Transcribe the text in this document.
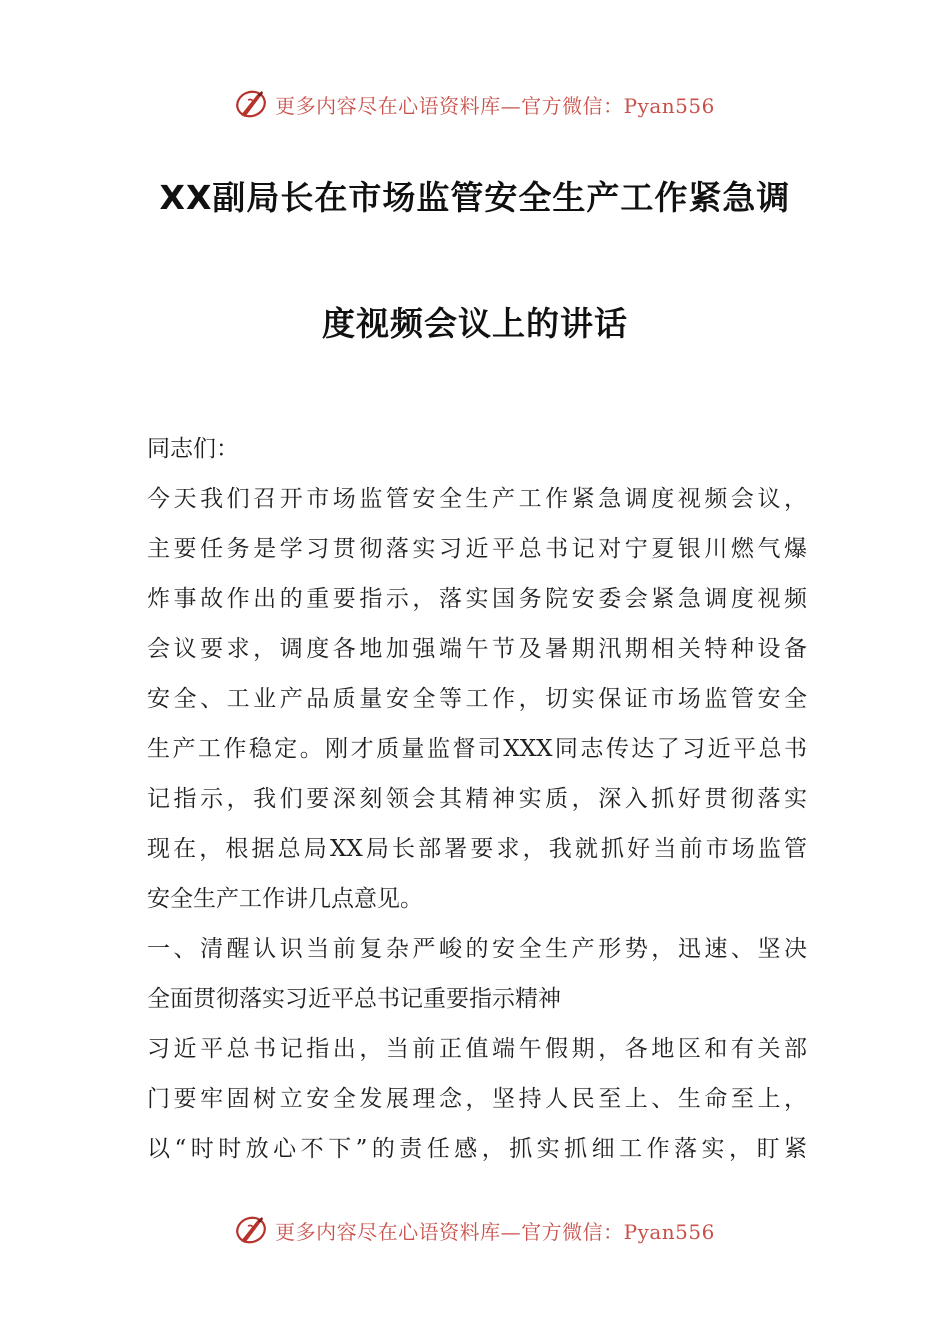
更多内容尽在心语资料库—官方微信：Pyan556
XX副局长在市场监管安全生产工作紧急调
度视频会议上的讲话
同志们：
今天我们召开市场监管安全生产工作紧急调度视频会议，
主要任务是学习贯彻落实习近平总书记对宁夏银川燃气爆
炸事故作出的重要指示，落实国务院安委会紧急调度视频
会议要求，调度各地加强端午节及暑期汛期相关特种设备
安全、工业产品质量安全等工作，切实保证市场监管安全
生产工作稳定。刚才质量监督司XXX同志传达了习近平总书
记指示，我们要深刻领会其精神实质，深入抓好贯彻落实
现在，根据总局XX局长部署要求，我就抓好当前市场监管
安全生产工作讲几点意见。
一、清醒认识当前复杂严峻的安全生产形势，迅速、坚决
全面贯彻落实习近平总书记重要指示精神
习近平总书记指出，当前正值端午假期，各地区和有关部
门要牢固树立安全发展理念，坚持人民至上、生命至上，
以“时时放心不下”的责任感，抓实抓细工作落实，盯紧
更多内容尽在心语资料库—官方微信：Pyan556
